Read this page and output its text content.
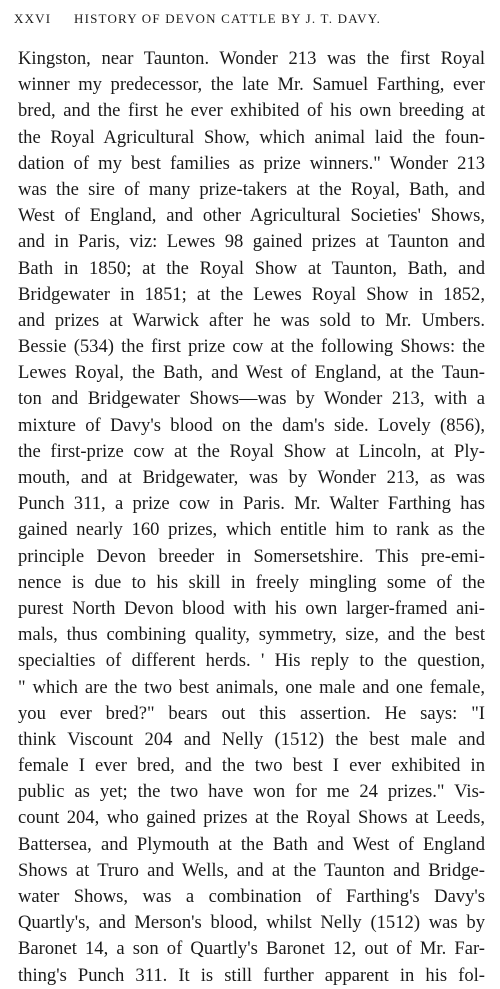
XXVI HISTORY OF DEVON CATTLE BY J. T. DAVY.
Kingston, near Taunton. Wonder 213 was the first Royal
winner my predecessor, the late Mr. Samuel Farthing, ever
bred, and the first he ever exhibited of his own breeding at
the Royal Agricultural Show, which animal laid the foun-
dation of my best families as prize winners." Wonder 213
was the sire of many prize-takers at the Royal, Bath, and
West of England, and other Agricultural Societies' Shows,
and in Paris, viz: Lewes 98 gained prizes at Taunton and
Bath in 1850; at the Royal Show at Taunton, Bath, and
Bridgewater in 1851; at the Lewes Royal Show in 1852,
and prizes at Warwick after he was sold to Mr. Umbers.
Bessie (534) the first prize cow at the following Shows: the
Lewes Royal, the Bath, and West of England, at the Taun-
ton and Bridgewater Shows—was by Wonder 213, with a
mixture of Davy's blood on the dam's side. Lovely (856),
the first-prize cow at the Royal Show at Lincoln, at Ply-
mouth, and at Bridgewater, was by Wonder 213, as was
Punch 311, a prize cow in Paris. Mr. Walter Farthing has
gained nearly 160 prizes, which entitle him to rank as the
principle Devon breeder in Somersetshire. This pre-emi-
nence is due to his skill in freely mingling some of the
purest North Devon blood with his own larger-framed ani-
mals, thus combining quality, symmetry, size, and the best
specialties of different herds. ' His reply to the question,
" which are the two best animals, one male and one female,
you ever bred?" bears out this assertion. He says: "I
think Viscount 204 and Nelly (1512) the best male and
female I ever bred, and the two best I ever exhibited in
public as yet; the two have won for me 24 prizes." Vis-
count 204, who gained prizes at the Royal Shows at Leeds,
Battersea, and Plymouth at the Bath and West of England
Shows at Truro and Wells, and at the Taunton and Bridge-
water Shows, was a combination of Farthing's Davy's
Quartly's, and Merson's blood, whilst Nelly (1512) was by
Baronet 14, a son of Quartly's Baronet 12, out of Mr. Far-
thing's Punch 311. It is still further apparent in his fol-
